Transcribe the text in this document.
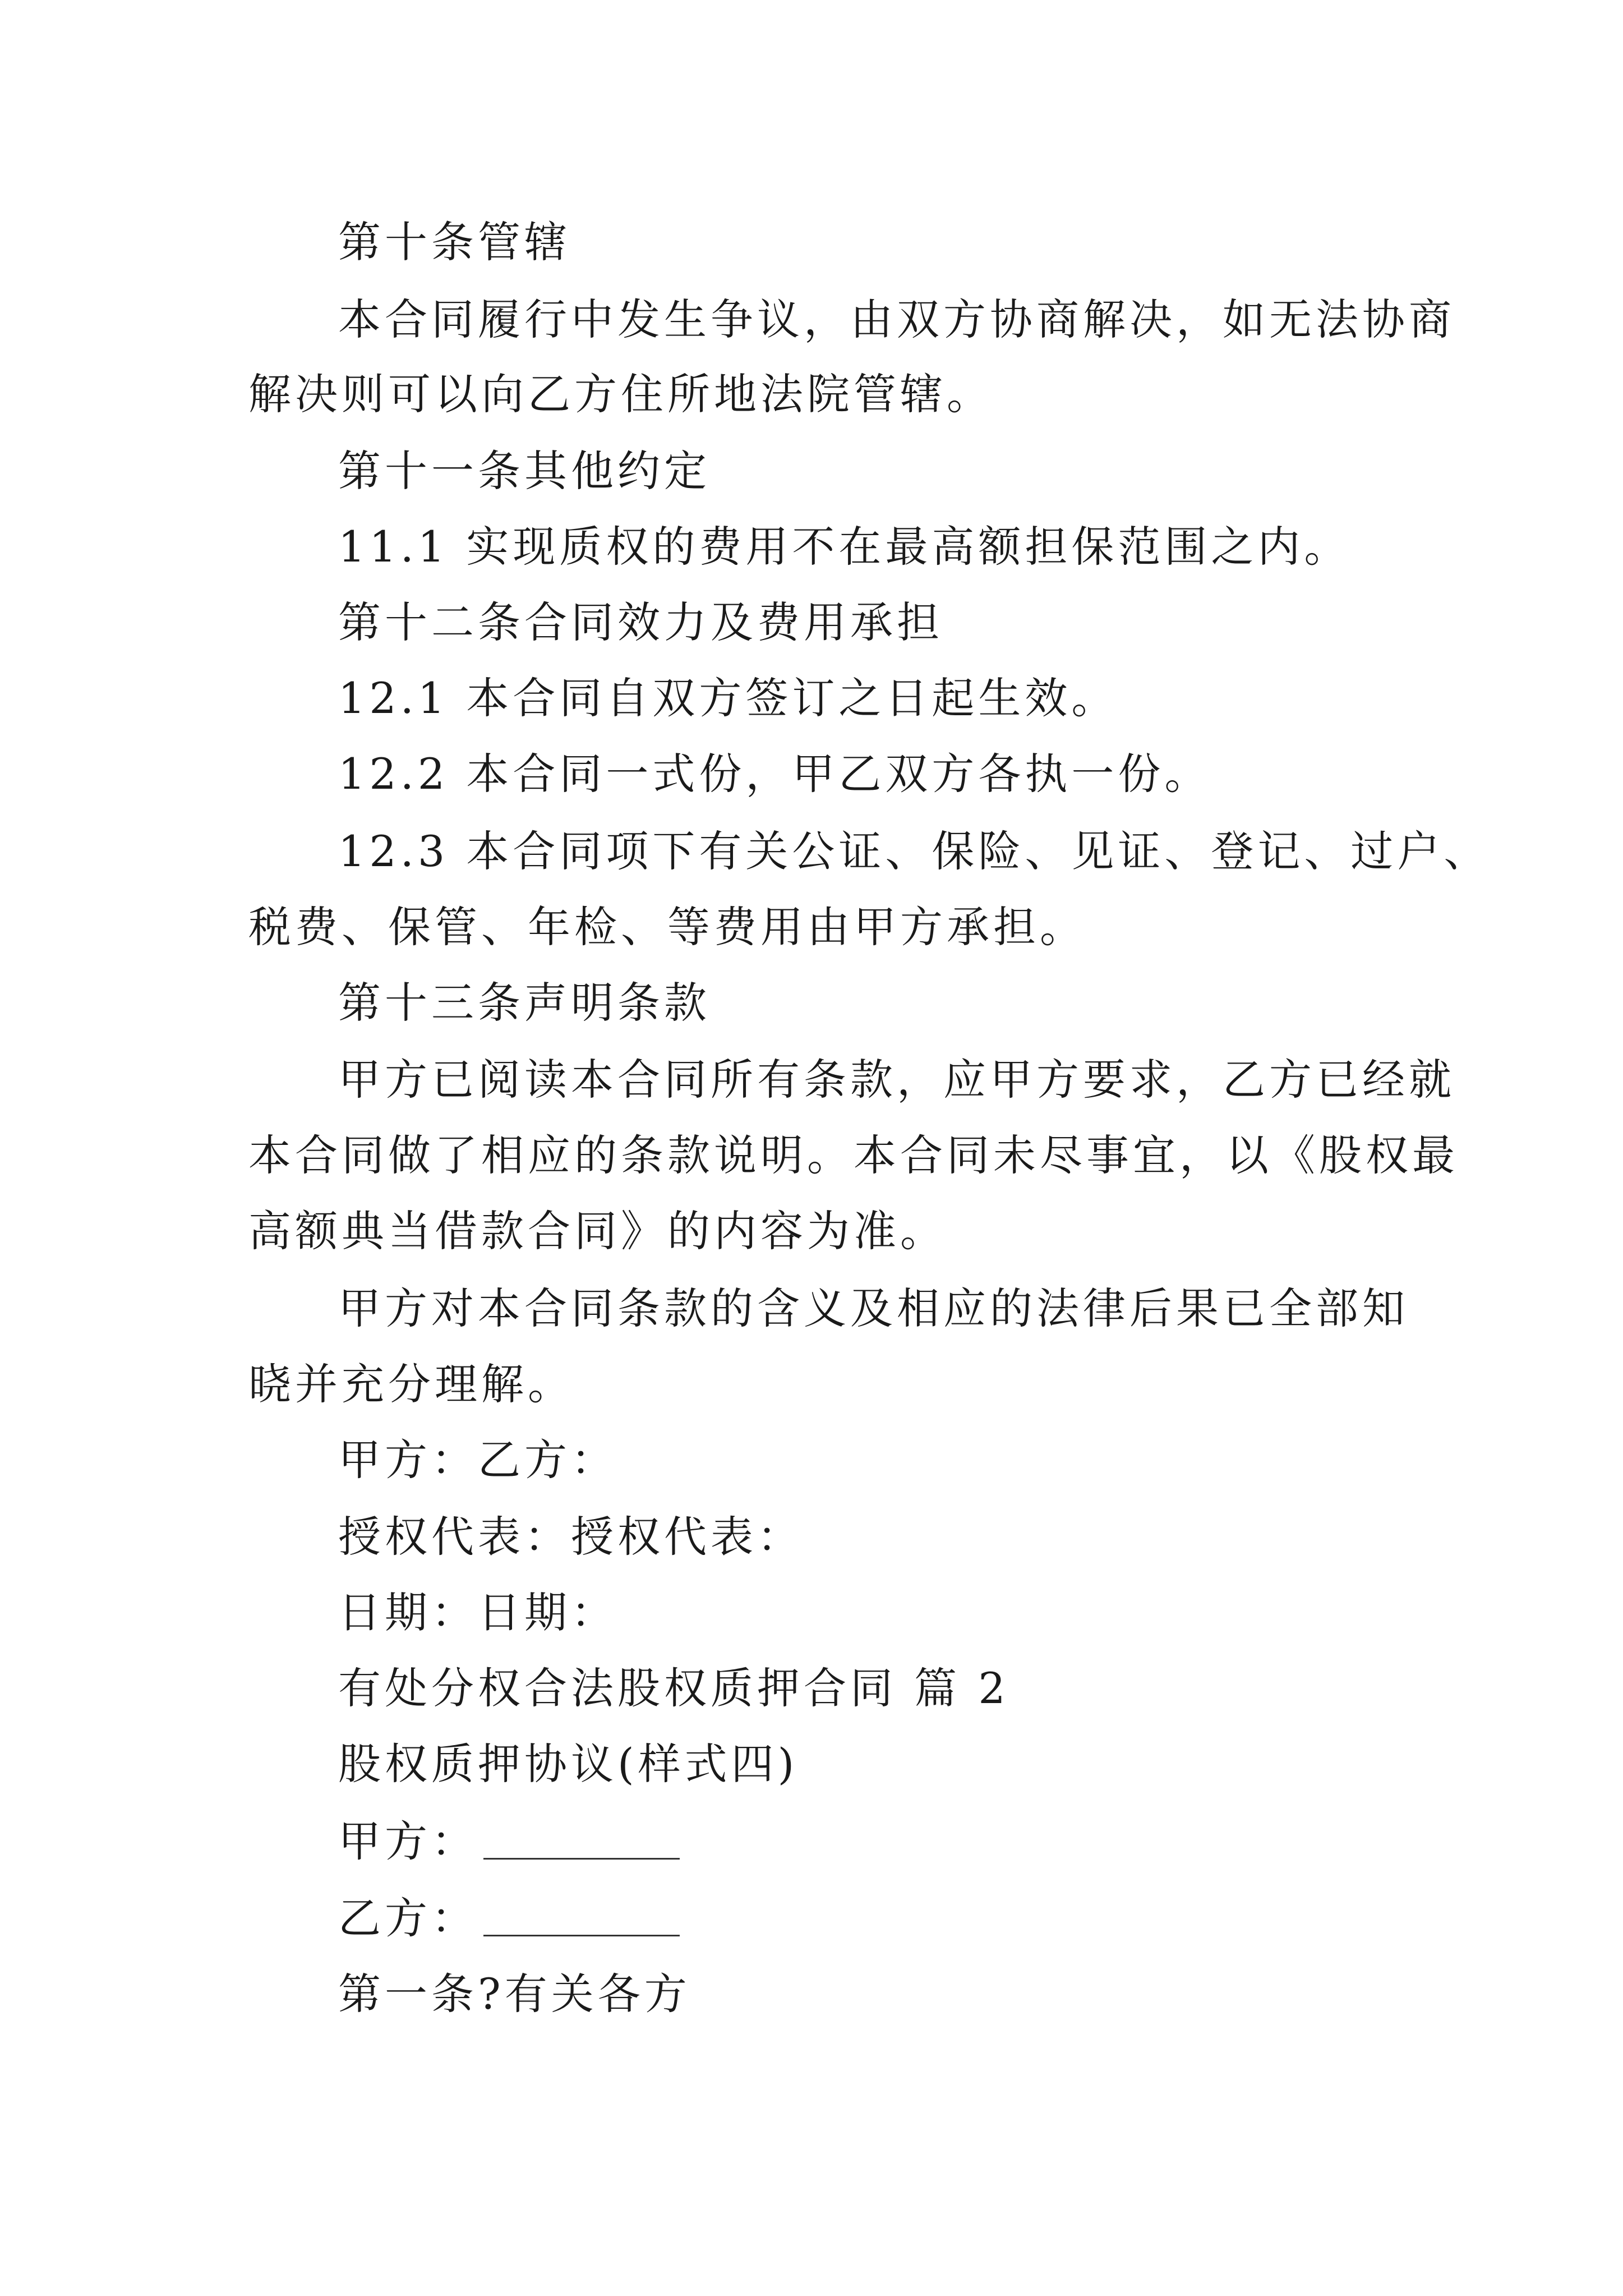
第十条管辖
本合同履行中发生争议，由双方协商解决，如无法协商
解决则可以向乙方住所地法院管辖。
第十一条其他约定
11.1 实现质权的费用不在最高额担保范围之内。
第十二条合同效力及费用承担
12.1 本合同自双方签订之日起生效。
12.2 本合同一式份，甲乙双方各执一份。
12.3 本合同项下有关公证、保险、见证、登记、过户、
税费、保管、年检、等费用由甲方承担。
第十三条声明条款
甲方已阅读本合同所有条款，应甲方要求，乙方已经就
本合同做了相应的条款说明。本合同未尽事宜，以《股权最
高额典当借款合同》的内容为准。
甲方对本合同条款的含义及相应的法律后果已全部知
晓并充分理解。
甲方：乙方：
授权代表：授权代表：
日期：日期：
有处分权合法股权质押合同 篇 2
股权质押协议(样式四)
甲方：
乙方：
第一条?有关各方
